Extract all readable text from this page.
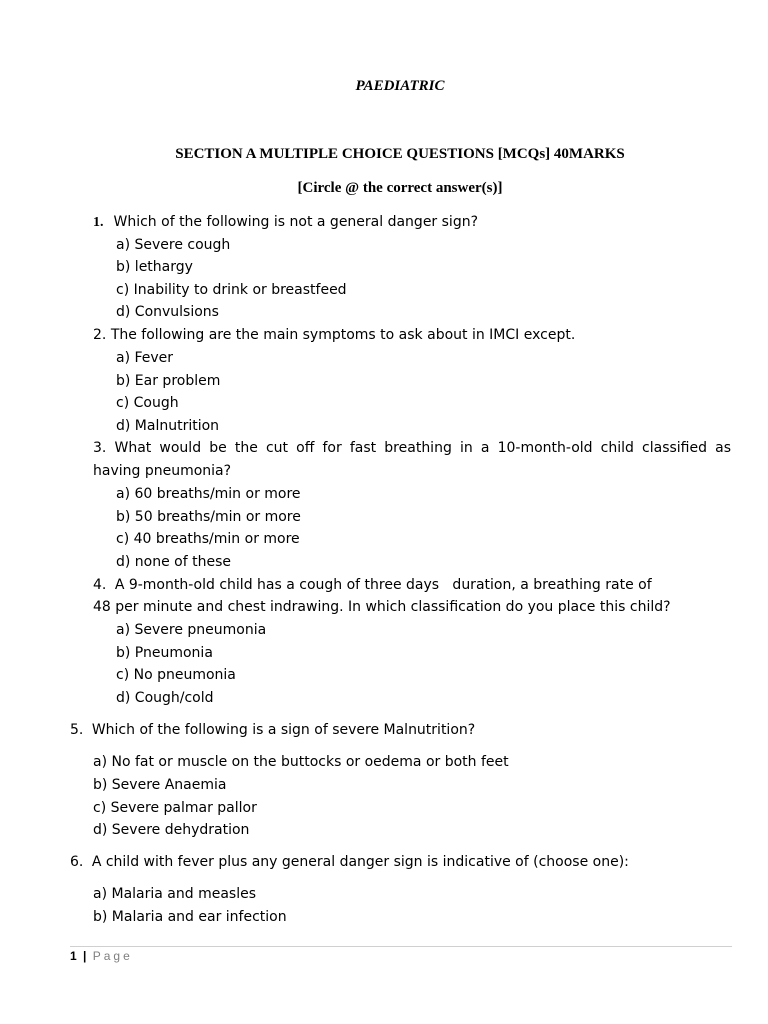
PAEDIATRIC
SECTION A MULTIPLE CHOICE QUESTIONS [MCQs] 40MARKS
[Circle @ the correct answer(s)]
1. Which of the following is not a general danger sign?
a) Severe cough
b) lethargy
c) Inability to drink or breastfeed
d) Convulsions
2. The following are the main symptoms to ask about in IMCI except.
a) Fever
b) Ear problem
c) Cough
d) Malnutrition
3. What would be the cut off for fast breathing in a 10-month-old child classified as
having pneumonia?
a) 60 breaths/min or more
b) 50 breaths/min or more
c) 40 breaths/min or more
d) none of these
4. A 9-month-old child has a cough of three days   duration, a breathing rate of
48 per minute and chest indrawing. In which classification do you place this child?
a) Severe pneumonia
b) Pneumonia
c) No pneumonia
d) Cough/cold
5. Which of the following is a sign of severe Malnutrition?
a) No fat or muscle on the buttocks or oedema or both feet
b) Severe Anaemia
c) Severe palmar pallor
d) Severe dehydration
6. A child with fever plus any general danger sign is indicative of (choose one):
a) Malaria and measles
b) Malaria and ear infection
1 | Page
